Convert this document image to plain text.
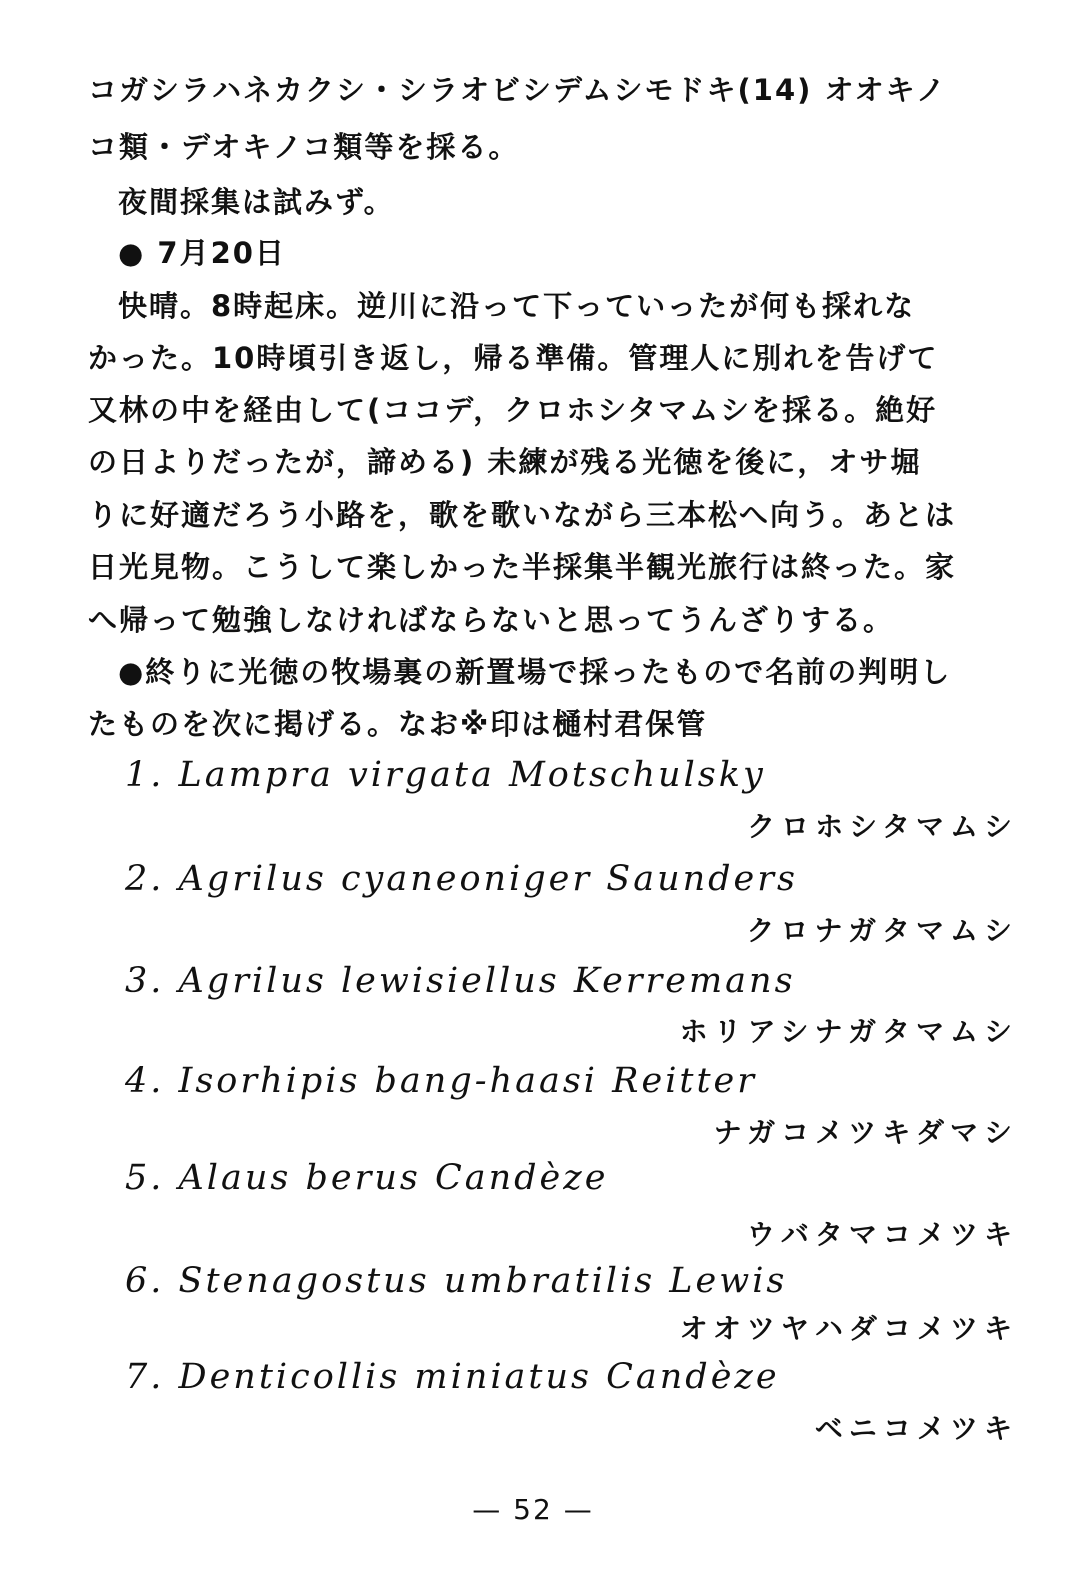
コガシラハネカクシ・シラオビシデムシモドキ(14) オオキノ
コ類・デオキノコ類等を採る。
夜間採集は試みず。
● 7月20日
快晴。8時起床。逆川に沿って下っていったが何も採れな
かった。10時頃引き返し，帰る準備。管理人に別れを告げて
又林の中を経由して(ココデ，クロホシタマムシを採る。絶好
の日よりだったが，諦める) 未練が残る光徳を後に，オサ堀
りに好適だろう小路を，歌を歌いながら三本松へ向う。あとは
日光見物。こうして楽しかった半採集半観光旅行は終った。家
へ帰って勉強しなければならないと思ってうんざりする。
●終りに光徳の牧場裏の新置場で採ったもので名前の判明し
たものを次に掲げる。なお※印は樋村君保管
1. Lampra virgata Motschulsky
クロホシタマムシ
2. Agrilus cyaneoniger Saunders
クロナガタマムシ
3. Agrilus lewisiellus Kerremans
ホリアシナガタマムシ
4. Isorhipis bang-haasi Reitter
ナガコメツキダマシ
5. Alaus berus Candèze
ウバタマコメツキ
6. Stenagostus umbratilis Lewis
オオツヤハダコメツキ
7. Denticollis miniatus Candèze
ベニコメツキ
— 52 —
